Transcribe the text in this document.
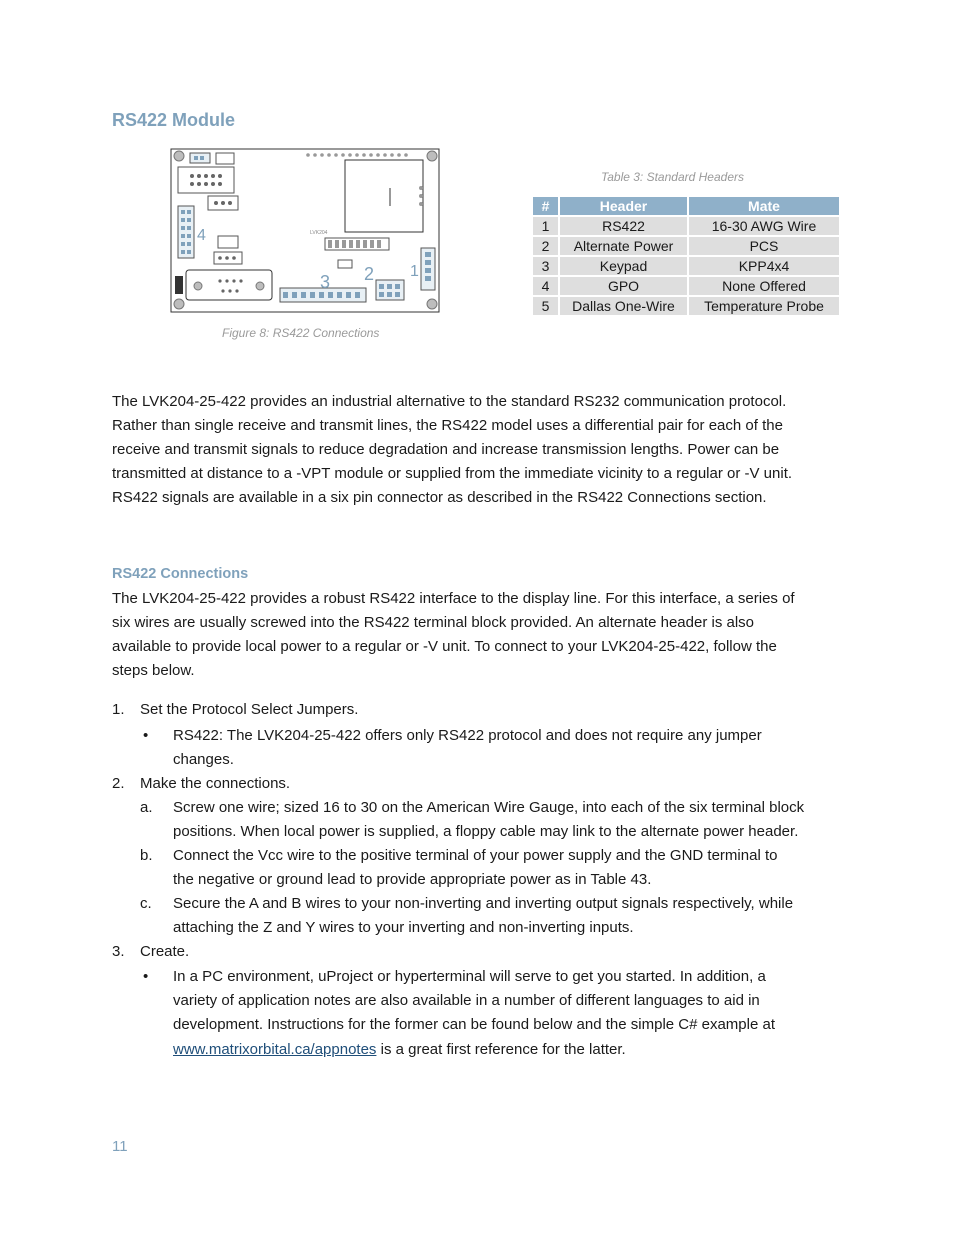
RS422 Module
4	LVK204
1
3 2
Figure 8: RS422 Connections
Table 3: Standard Headers
#	Header	Mate
1	RS422	16-30 AWG Wire
2	Alternate Power	PCS
3	Keypad	KPP4x4
4	GPO	None Offered
5	Dallas One-Wire	Temperature Probe
The LVK204-25-422 provides an industrial alternative to the standard RS232 communication protocol.
Rather than single receive and transmit lines, the RS422 model uses a differential pair for each of the
receive and transmit signals to reduce degradation and increase transmission lengths. Power can be
transmitted at distance to a -VPT module or supplied from the immediate vicinity to a regular or -V unit.
RS422 signals are available in a six pin connector as described in the RS422 Connections section.
RS422 Connections
The LVK204-25-422 provides a robust RS422 interface to the display line. For this interface, a series of
six wires are usually screwed into the RS422 terminal block provided. An alternate header is also
available to provide local power to a regular or -V unit. To connect to your LVK204-25-422, follow the
steps below.
1. Set the Protocol Select Jumpers.
• RS422: The LVK204-25-422 offers only RS422 protocol and does not require any jumper
changes.
2. Make the connections.
a. Screw one wire; sized 16 to 30 on the American Wire Gauge, into each of the six terminal block
positions. When local power is supplied, a floppy cable may link to the alternate power header.
b. Connect the Vcc wire to the positive terminal of your power supply and the GND terminal to
the negative or ground lead to provide appropriate power as in Table 43.
c. Secure the A and B wires to your non-inverting and inverting output signals respectively, while
attaching the Z and Y wires to your inverting and non-inverting inputs.
3. Create.
• In a PC environment, uProject or hyperterminal will serve to get you started. In addition, a
variety of application notes are also available in a number of different languages to aid in
development. Instructions for the former can be found below and the simple C# example at
www.matrixorbital.ca/appnotes is a great first reference for the latter.
11
